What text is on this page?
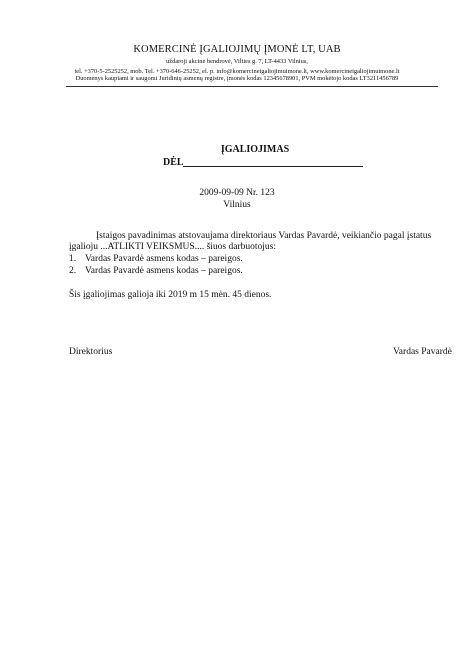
KOMERCINĖ ĮGALIOJIMŲ ĮMONĖ LT, UAB
uždaroji akcinė bendrovė, Vilties g. 7, LT-4433 Vilnius,
tel. +370-5-2525252, mob. Tel. +370-646-25252, el. p. info@komercineigaliojimuimone.lt, www.komercineigaliojimuimone.lt
Duomenys kaupiami ir saugomi Juridinių asmenų registre, įmonės kodas 12345678901, PVM mokėtojo kodas LT3211456789
ĮGALIOJIMAS
DĖL
2009-09-09 Nr. 123
Vilnius
Įstaigos pavadinimas atstovaujama direktoriaus Vardas Pavardė, veikiančio pagal įstatus
įgalioju ...ATLIKTI VEIKSMUS.... šiuos darbuotojus:
1. Vardas Pavardė asmens kodas – pareigos.
2. Vardas Pavardė asmens kodas – pareigos.
Šis įgaliojimas galioja iki 2019 m 15 mėn. 45 dienos.
Direktorius	Vardas Pavardė
